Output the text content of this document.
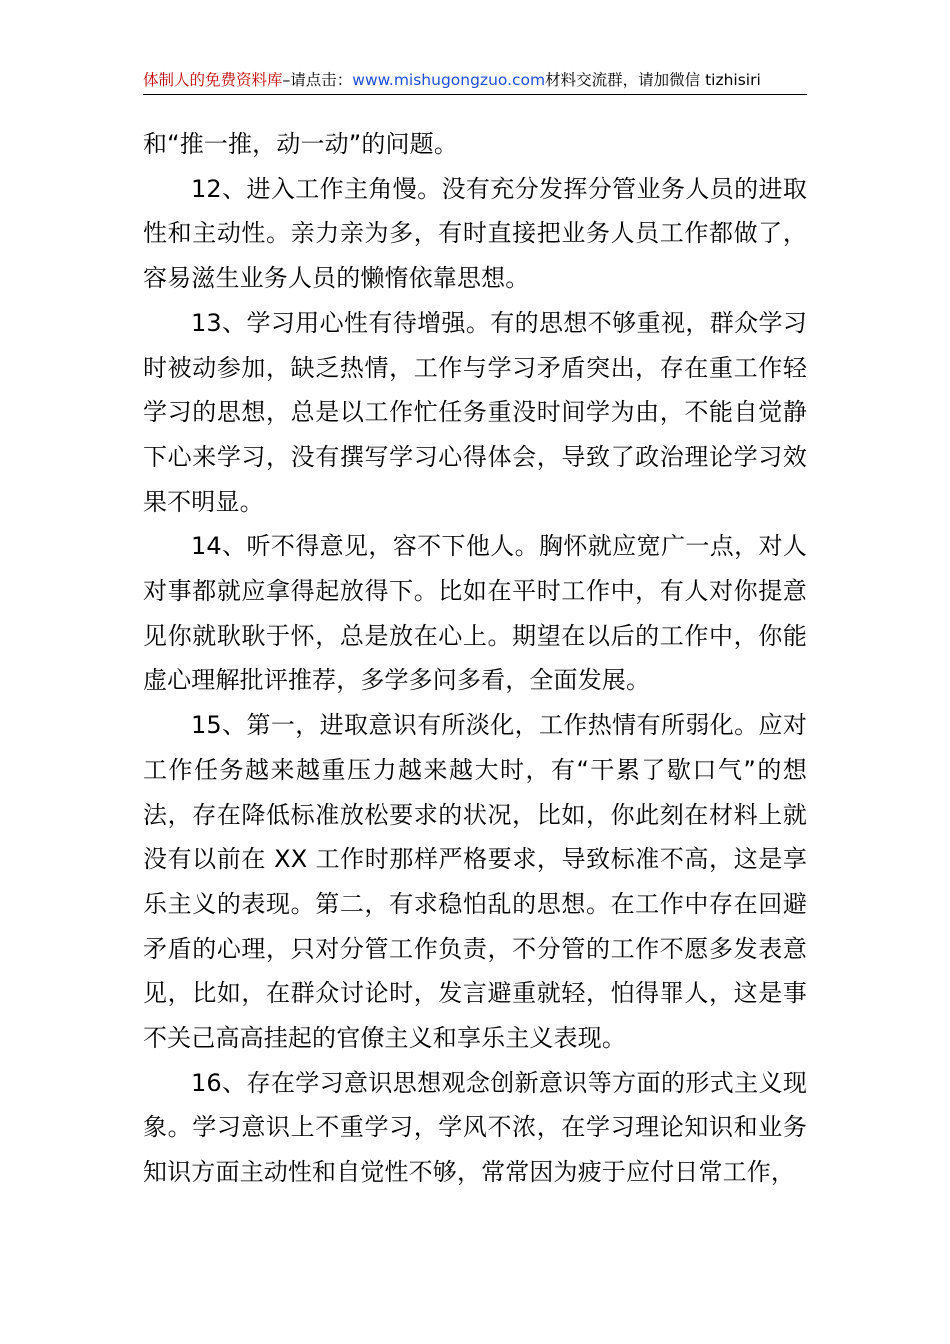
体制人的免费资料库–请点击：www.mishugongzuo.com材料交流群，请加微信 tizhisiri

和“推一推，动一动”的问题。

12、进入工作主角慢。没有充分发挥分管业务人员的进取性和主动性。亲力亲为多，有时直接把业务人员工作都做了，容易滋生业务人员的懒惰依靠思想。

13、学习用心性有待增强。有的思想不够重视，群众学习时被动参加，缺乏热情，工作与学习矛盾突出，存在重工作轻学习的思想，总是以工作忙任务重没时间学为由，不能自觉静下心来学习，没有撰写学习心得体会，导致了政治理论学习效果不明显。

14、听不得意见，容不下他人。胸怀就应宽广一点，对人对事都就应拿得起放得下。比如在平时工作中，有人对你提意见你就耿耿于怀，总是放在心上。期望在以后的工作中，你能虚心理解批评推荐，多学多问多看，全面发展。

15、第一，进取意识有所淡化，工作热情有所弱化。应对工作任务越来越重压力越来越大时，有“干累了歇口气”的想法，存在降低标准放松要求的状况，比如，你此刻在材料上就没有以前在 XX 工作时那样严格要求，导致标准不高，这是享乐主义的表现。第二，有求稳怕乱的思想。在工作中存在回避矛盾的心理，只对分管工作负责，不分管的工作不愿多发表意见，比如，在群众讨论时，发言避重就轻，怕得罪人，这是事不关己高高挂起的官僚主义和享乐主义表现。

16、存在学习意识思想观念创新意识等方面的形式主义现象。学习意识上不重学习，学风不浓，在学习理论知识和业务知识方面主动性和自觉性不够，常常因为疲于应付日常工作，
